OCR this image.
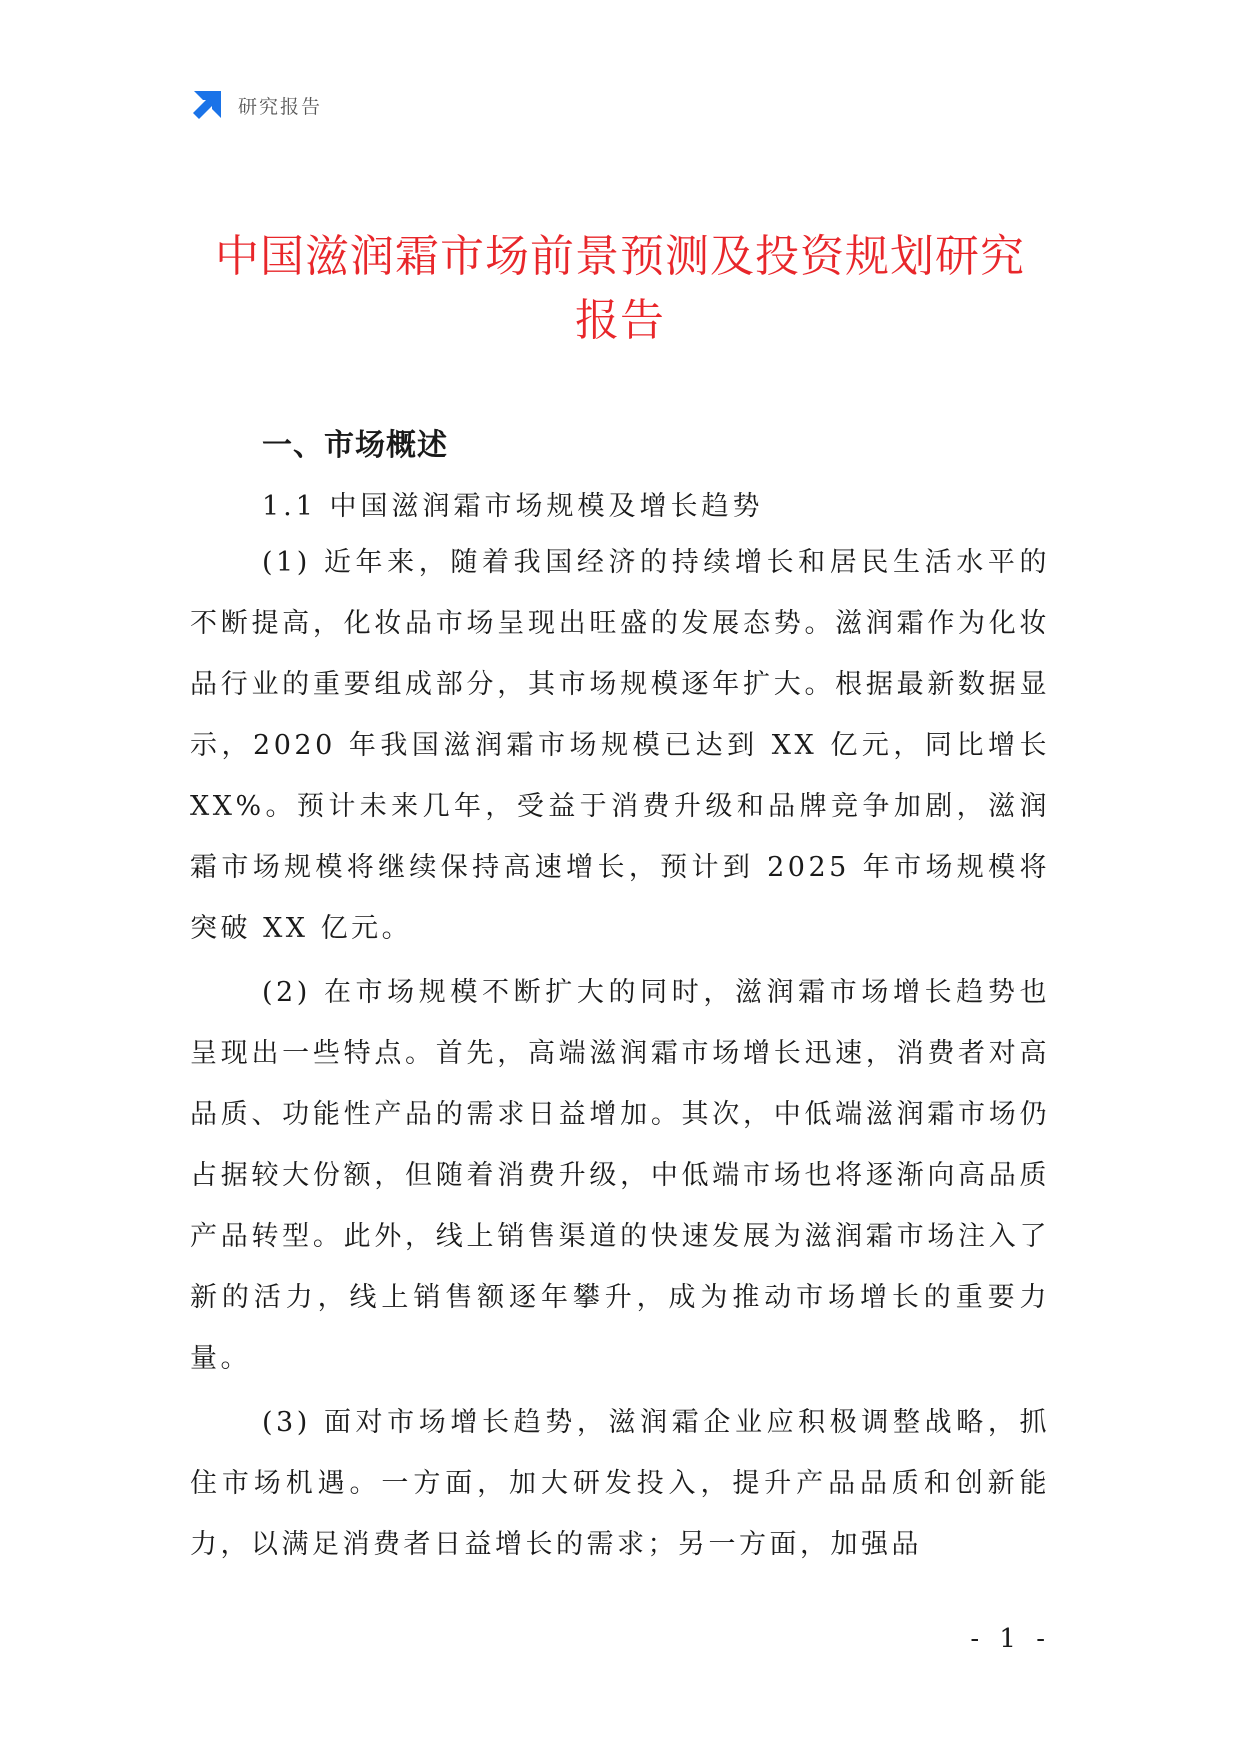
研究报告
中国滋润霜市场前景预测及投资规划研究报告
一、市场概述
1.1 中国滋润霜市场规模及增长趋势

(1) 近年来，随着我国经济的持续增长和居民生活水平的不断提高，化妆品市场呈现出旺盛的发展态势。滋润霜作为化妆品行业的重要组成部分，其市场规模逐年扩大。根据最新数据显示，2020 年我国滋润霜市场规模已达到 XX 亿元，同比增长 XX%。预计未来几年，受益于消费升级和品牌竞争加剧，滋润霜市场规模将继续保持高速增长，预计到 2025 年市场规模将突破 XX 亿元。

(2) 在市场规模不断扩大的同时，滋润霜市场增长趋势也呈现出一些特点。首先，高端滋润霜市场增长迅速，消费者对高品质、功能性产品的需求日益增加。其次，中低端滋润霜市场仍占据较大份额，但随着消费升级，中低端市场也将逐渐向高品质产品转型。此外，线上销售渠道的快速发展为滋润霜市场注入了新的活力，线上销售额逐年攀升，成为推动市场增长的重要力量。

(3) 面对市场增长趋势，滋润霜企业应积极调整战略，抓住市场机遇。一方面，加大研发投入，提升产品品质和创新能力，以满足消费者日益增长的需求；另一方面，加强品

- 1 -
